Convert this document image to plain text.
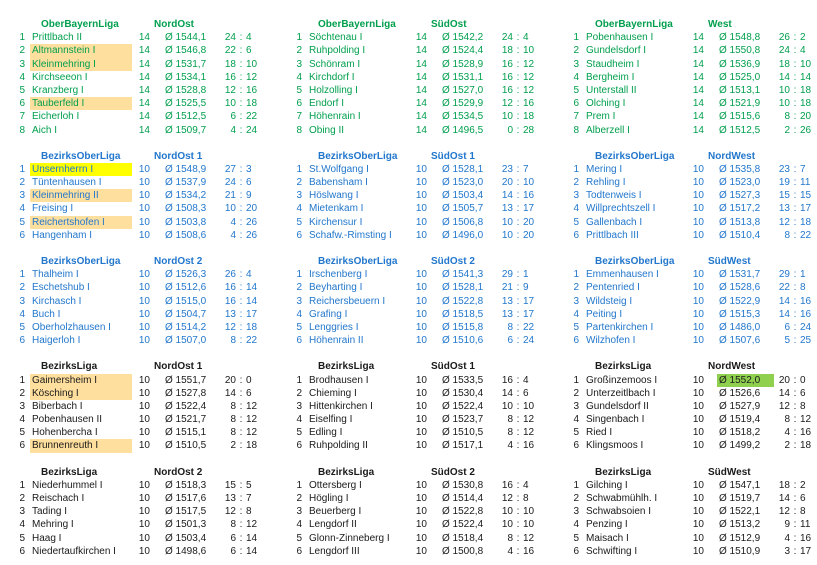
OberBayernLiga	NordOst
1 Prittlbach II	14 Ø 1544,1	24 : 4
2 Altmannstein I	14 Ø 1546,8	22 : 6
3 Kleinmehring I	14 Ø 1531,7	18 : 10
4 Kirchseeon I	14 Ø 1534,1	16 : 12
5 Kranzberg I	14 Ø 1528,8	12 : 16
6 Tauberfeld I	14 Ø 1525,5	10 : 18
7 Eicherloh I	14 Ø 1512,5	6 : 22
8 Aich I	14 Ø 1509,7	4 : 24
OberBayernLiga	SüdOst
1 Söchtenau I	14 Ø 1542,2	24 : 4
2 Ruhpolding I	14 Ø 1524,4	18 : 10
3 Schönram I	14 Ø 1528,9	16 : 12
4 Kirchdorf I	14 Ø 1531,1	16 : 12
5 Holzolling I	14 Ø 1527,0	16 : 12
6 Endorf I	14 Ø 1529,9	12 : 16
7 Höhenrain I	14 Ø 1534,5	10 : 18
8 Obing II	14 Ø 1496,5	0 : 28
OberBayernLiga	West
1 Pobenhausen I	14 Ø 1548,8	26 : 2
2 Gundelsdorf I	14 Ø 1550,8	24 : 4
3 Staudheim I	14 Ø 1536,9	18 : 10
4 Bergheim I	14 Ø 1525,0	14 : 14
5 Unterstall II	14 Ø 1513,1	10 : 18
6 Olching I	14 Ø 1521,9	10 : 18
7 Prem I	14 Ø 1515,6	8 : 20
8 Alberzell I	14 Ø 1512,5	2 : 26
BezirksOberLiga	NordOst 1
1 Unsernherrn I	10 Ø 1548,9	27 : 3
2 Tüntenhausen I	10 Ø 1537,9	24 : 6
3 Kleinmehring II	10 Ø 1534,2	21 : 9
4 Freising I	10 Ø 1508,3	10 : 20
5 Reichertshofen I	10 Ø 1503,8	4 : 26
6 Hangenham I	10 Ø 1508,6	4 : 26
BezirksOberLiga	SüdOst 1
1 St.Wolfgang I	10 Ø 1528,1	23 : 7
2 Babensham I	10 Ø 1523,0	20 : 10
3 Höslwang I	10 Ø 1503,4	14 : 16
4 Mietenkam I	10 Ø 1505,7	13 : 17
5 Kirchensur I	10 Ø 1506,8	10 : 20
6 Schafw.-Rimsting I	10 Ø 1496,0	10 : 20
BezirksOberLiga	NordWest
1 Mering I	10 Ø 1535,8	23 : 7
2 Rehling I	10 Ø 1523,0	19 : 11
3 Todtenweis I	10 Ø 1527,3	15 : 15
4 Willprechtszell I	10 Ø 1517,2	13 : 17
5 Gallenbach I	10 Ø 1513,8	12 : 18
6 Prittlbach III	10 Ø 1510,4	8 : 22
BezirksOberLiga	NordOst 2
1 Thalheim I	10 Ø 1526,3	26 : 4
2 Eschetshub I	10 Ø 1512,6	16 : 14
3 Kirchasch I	10 Ø 1515,0	16 : 14
4 Buch I	10 Ø 1504,7	13 : 17
5 Oberholzhausen I	10 Ø 1514,2	12 : 18
6 Haigerloh I	10 Ø 1507,0	8 : 22
BezirksOberLiga	SüdOst 2
1 Irschenberg I	10 Ø 1541,3	29 : 1
2 Beyharting I	10 Ø 1528,1	21 : 9
3 Reichersbeuern I	10 Ø 1522,8	13 : 17
4 Grafing I	10 Ø 1518,5	13 : 17
5 Lenggries I	10 Ø 1515,8	8 : 22
6 Höhenrain II	10 Ø 1510,6	6 : 24
BezirksOberLiga	SüdWest
1 Emmenhausen I	10 Ø 1531,7	29 : 1
2 Pentenried I	10 Ø 1528,6	22 : 8
3 Wildsteig I	10 Ø 1522,9	14 : 16
4 Peiting I	10 Ø 1515,3	14 : 16
5 Partenkirchen I	10 Ø 1486,0	6 : 24
6 Wilzhofen I	10 Ø 1507,6	5 : 25
BezirksLiga	NordOst 1
1 Gaimersheim I	10 Ø 1551,7	20 : 0
2 Kösching I	10 Ø 1527,8	14 : 6
3 Biberbach I	10 Ø 1522,4	8 : 12
4 Pobenhausen II	10 Ø 1521,7	8 : 12
5 Hohenbercha I	10 Ø 1515,1	8 : 12
6 Brunnenreuth I	10 Ø 1510,5	2 : 18
BezirksLiga	SüdOst 1
1 Brodhausen I	10 Ø 1533,5	16 : 4
2 Chieming I	10 Ø 1530,4	14 : 6
3 Hittenkirchen I	10 Ø 1522,4	10 : 10
4 Eiselfing I	10 Ø 1523,7	8 : 12
5 Edling I	10 Ø 1510,5	8 : 12
6 Ruhpolding II	10 Ø 1517,1	4 : 16
BezirksLiga	NordWest
1 Großinzemoos I	10 Ø 1552,0	20 : 0
2 Unterzeitlbach I	10 Ø 1526,6	14 : 6
3 Gundelsdorf II	10 Ø 1527,9	12 : 8
4 Singenbach I	10 Ø 1519,4	8 : 12
5 Ried I	10 Ø 1518,2	4 : 16
6 Klingsmoos I	10 Ø 1499,2	2 : 18
BezirksLiga	NordOst 2
1 Niederhummel I	10 Ø 1518,3	15 : 5
2 Reischach I	10 Ø 1517,6	13 : 7
3 Tading I	10 Ø 1517,5	12 : 8
4 Mehring I	10 Ø 1501,3	8 : 12
5 Haag I	10 Ø 1503,4	6 : 14
6 Niedertaufkirchen I	10 Ø 1498,6	6 : 14
BezirksLiga	SüdOst 2
1 Ottersberg I	10 Ø 1530,8	16 : 4
2 Högling I	10 Ø 1514,4	12 : 8
3 Beuerberg I	10 Ø 1522,8	10 : 10
4 Lengdorf II	10 Ø 1522,4	10 : 10
5 Glonn-Zinneberg I	10 Ø 1518,4	8 : 12
6 Lengdorf III	10 Ø 1500,8	4 : 16
BezirksLiga	SüdWest
1 Gilching I	10 Ø 1547,1	18 : 2
2 Schwabmühlh. I	10 Ø 1519,7	14 : 6
3 Schwabsoien I	10 Ø 1522,1	12 : 8
4 Penzing I	10 Ø 1513,2	9 : 11
5 Maisach I	10 Ø 1512,9	4 : 16
6 Schwifting I	10 Ø 1510,9	3 : 17
